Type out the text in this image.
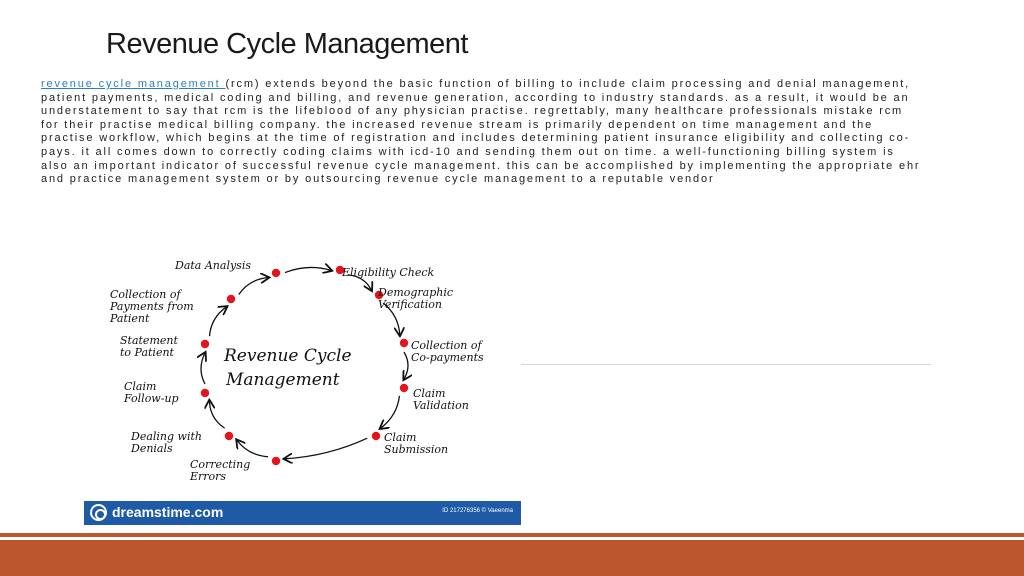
Revenue Cycle Management
revenue cycle management (rcm) extends beyond the basic function of billing to include claim processing and denial management, patient payments, medical coding and billing, and revenue generation, according to industry standards. as a result, it would be an understatement to say that rcm is the lifeblood of any physician practise. regrettably, many healthcare professionals mistake rcm for their practise medical billing company. the increased revenue stream is primarily dependent on time management and the practise workflow, which begins at the time of registration and includes determining patient insurance eligibility and collecting co-pays. it all comes down to correctly coding claims with icd-10 and sending them out on time. a well-functioning billing system is also an important indicator of successful revenue cycle management. this can be accomplished by implementing the appropriate ehr and practice management system or by outsourcing revenue cycle management to a reputable vendor
Data Analysis
Eligibility Check
Demographic
Verification
Collection of
Co-payments
Claim
Validation
Claim
Submission
Correcting
Errors
Dealing with
Denials
Claim
Follow-up
Statement
to Patient
Collection of
Payments from
Patient
Revenue Cycle
Management
dreamstime.com	ID 217276356 © Vaeenma
